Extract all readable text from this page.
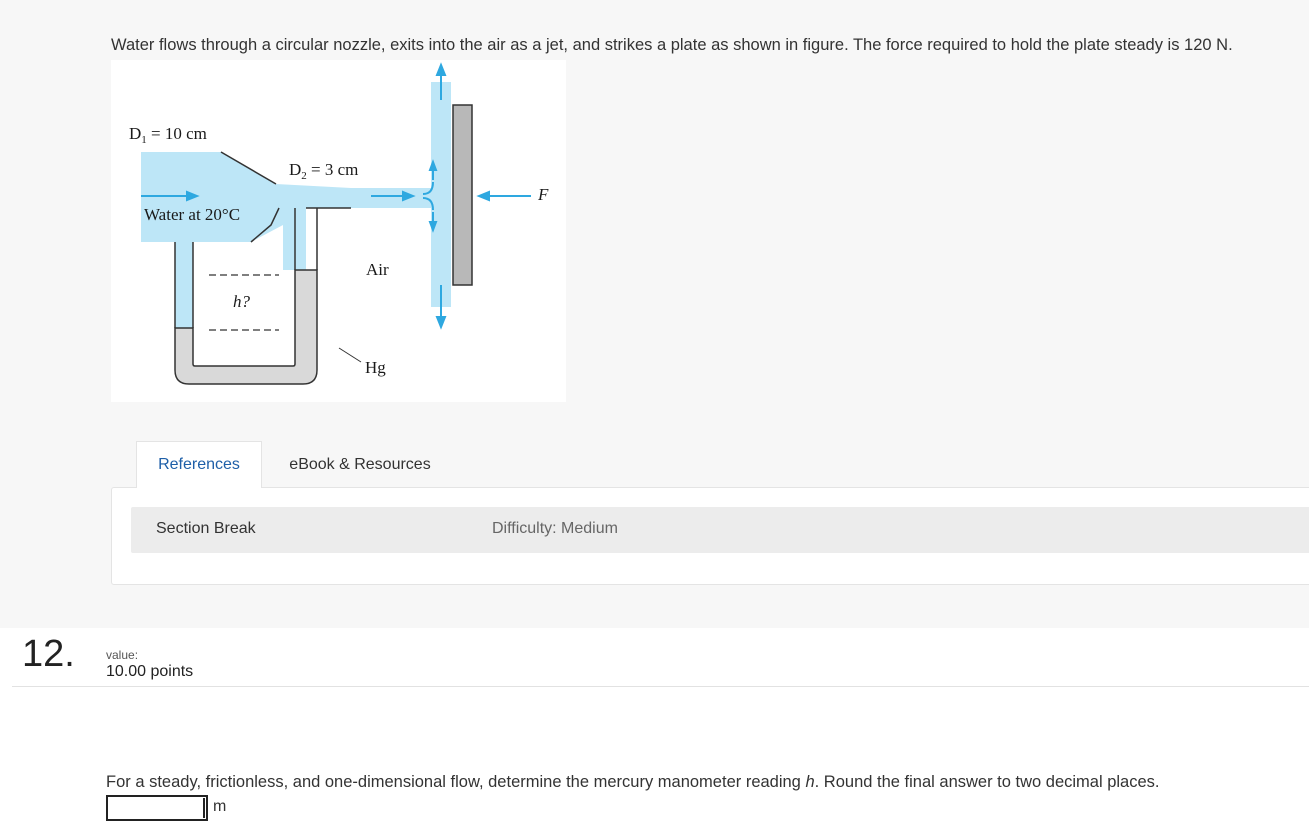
Water flows through a circular nozzle, exits into the air as a jet, and strikes a plate as shown in figure. The force required to hold the plate steady is 120 N.

$D_1 = 10$ cm
$D_2 = 3$ cm
Water at 20°C
Air
h?
Hg
F
References	eBook & Resources
Section Break	Difficulty: Medium
12.	value:
10.00 points
For a steady, frictionless, and one-dimensional flow, determine the mercury manometer reading h. Round the final answer to two decimal places.
m
